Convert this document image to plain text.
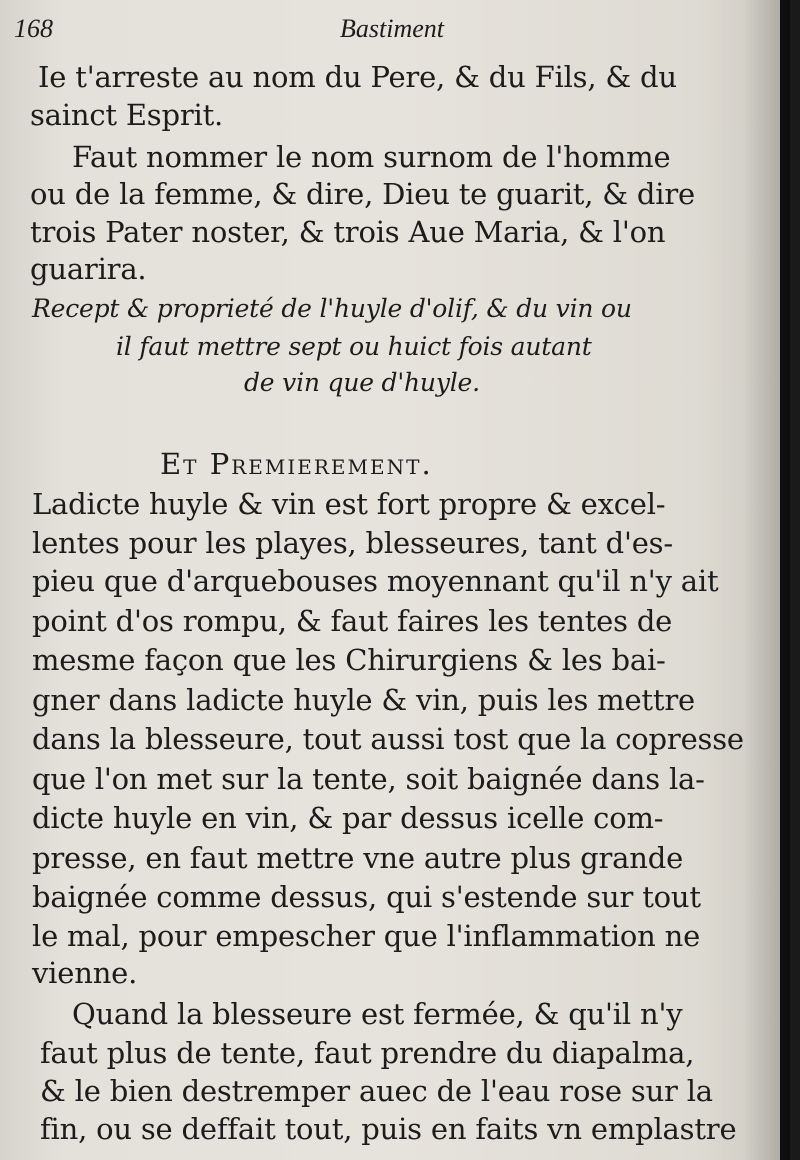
168	Bastiment
Ie t'arreste au nom du Pere, & du Fils, & du
sainct Esprit.
Faut nommer le nom surnom de l'homme
ou de la femme, & dire, Dieu te guarit, & dire
trois Pater noster, & trois Aue Maria, & l'on
guarira.
Recept & proprieté de l'huyle d'olif, & du vin ou
il faut mettre sept ou huict fois autant
de vin que d'huyle.
Et Premierement.
Ladicte huyle & vin est fort propre & excel-
lentes pour les playes, blesseures, tant d'es-
pieu que d'arquebouses moyennant qu'il n'y ait
point d'os rompu, & faut faires les tentes de
mesme façon que les Chirurgiens & les bai-
gner dans ladicte huyle & vin, puis les mettre
dans la blesseure, tout aussi tost que la copresse
que l'on met sur la tente, soit baignée dans la-
dicte huyle en vin, & par dessus icelle com-
presse, en faut mettre vne autre plus grande
baignée comme dessus, qui s'estende sur tout
le mal, pour empescher que l'inflammation ne
vienne.
Quand la blesseure est fermée, & qu'il n'y
faut plus de tente, faut prendre du diapalma,
& le bien destremper auec de l'eau rose sur la
fin, ou se deffait tout, puis en faits vn emplastre
